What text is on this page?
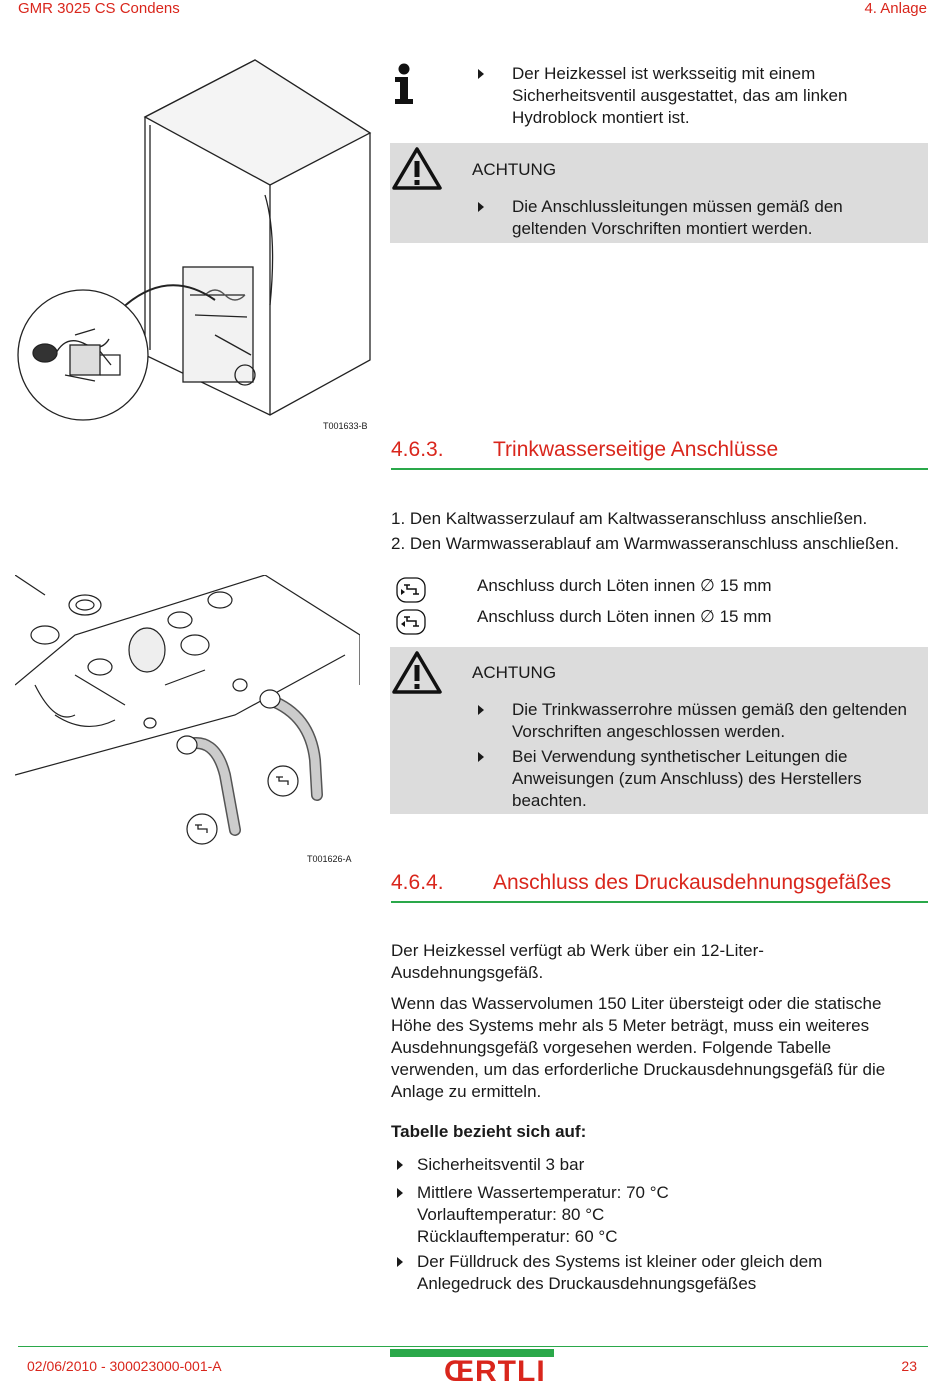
GMR 3025 CS Condens	4. Anlage
T001633-B
Der Heizkessel ist werksseitig mit einem
Sicherheitsventil ausgestattet, das am linken
Hydroblock montiert ist.
ACHTUNG
Die Anschlussleitungen müssen gemäß den
geltenden Vorschriften montiert werden.
4.6.3. Trinkwasserseitige Anschlüsse
1. Den Kaltwasserzulauf am Kaltwasseranschluss anschließen.
2. Den Warmwasserablauf am Warmwasseranschluss anschließen.
Anschluss durch Löten innen ∅ 15 mm
Anschluss durch Löten innen ∅ 15 mm
T001626-A
ACHTUNG
Die Trinkwasserrohre müssen gemäß den geltenden
Vorschriften angeschlossen werden.
Bei Verwendung synthetischer Leitungen die
Anweisungen (zum Anschluss) des Herstellers
beachten.
4.6.4. Anschluss des Druckausdehnungsgefäßes
Der Heizkessel verfügt ab Werk über ein 12-Liter-
Ausdehnungsgefäß.
Wenn das Wasservolumen 150 Liter übersteigt oder die statische
Höhe des Systems mehr als 5 Meter beträgt, muss ein weiteres
Ausdehnungsgefäß vorgesehen werden. Folgende Tabelle
verwenden, um das erforderliche Druckausdehnungsgefäß für die
Anlage zu ermitteln.
Tabelle bezieht sich auf:
Sicherheitsventil 3 bar
Mittlere Wassertemperatur: 70 °C
Vorlauftemperatur: 80 °C
Rücklauftemperatur: 60 °C
Der Fülldruck des Systems ist kleiner oder gleich dem
Anlegedruck des Druckausdehnungsgefäßes
02/06/2010 - 300023000-001-A	ŒRTLI	23
